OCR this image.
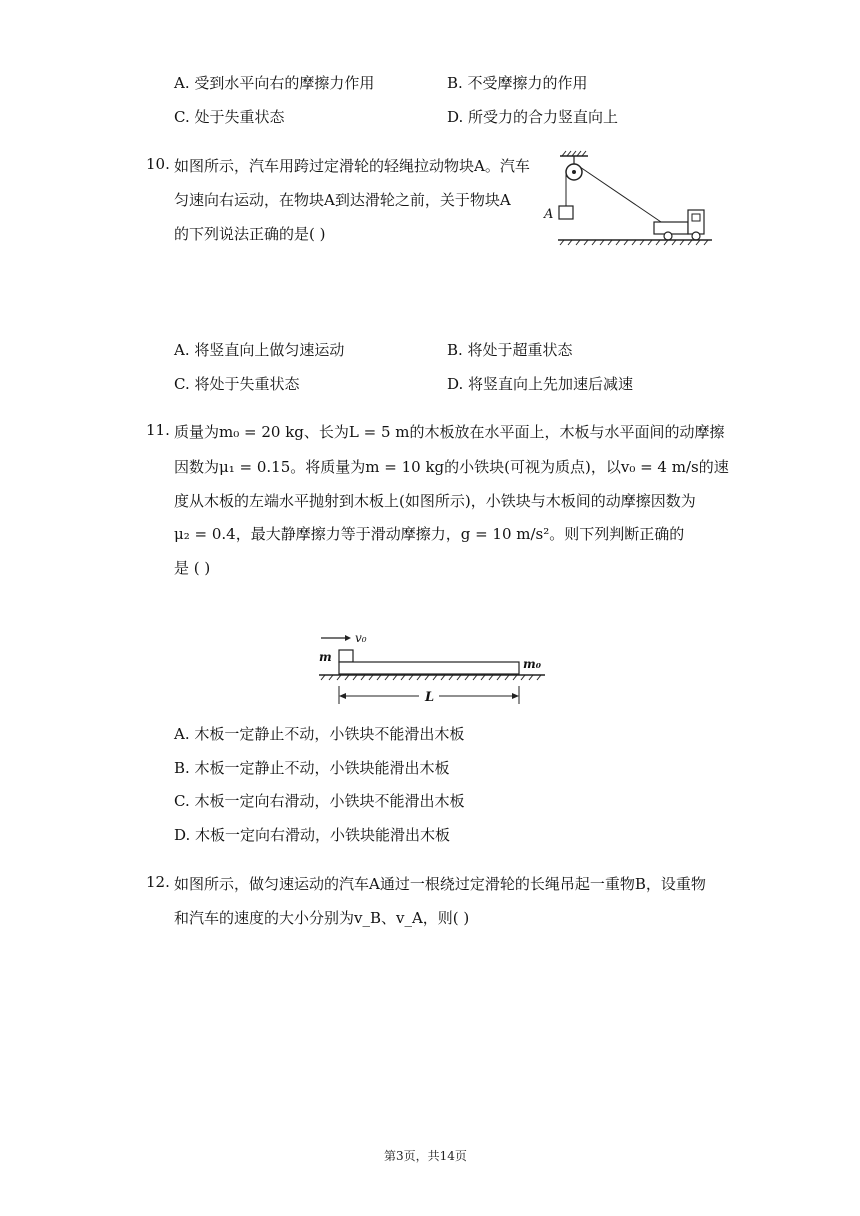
A. 受到水平向右的摩擦力作用	B. 不受摩擦力的作用
C. 处于失重状态	D. 所受力的合力竖直向上
10. 如图所示，汽车用跨过定滑轮的轻绳拉动物块A。汽车
匀速向右运动，在物块A到达滑轮之前，关于物块A
的下列说法正确的是( )
A
A. 将竖直向上做匀速运动	B. 将处于超重状态
C. 将处于失重状态	D. 将竖直向上先加速后减速
11. 质量为m₀ = 20 kg、长为L = 5 m的木板放在水平面上，木板与水平面间的动摩擦
因数为μ₁ = 0.15。将质量为m = 10 kg的小铁块(可视为质点)，以v₀ = 4 m/s的速
度从木板的左端水平抛射到木板上(如图所示)，小铁块与木板间的动摩擦因数为
μ₂ = 0.4，最大静摩擦力等于滑动摩擦力，g = 10 m/s²。则下列判断正确的
是 ( )
v₀
m	m₀
L
A. 木板一定静止不动，小铁块不能滑出木板
B. 木板一定静止不动，小铁块能滑出木板
C. 木板一定向右滑动，小铁块不能滑出木板
D. 木板一定向右滑动，小铁块能滑出木板
12. 如图所示，做匀速运动的汽车A通过一根绕过定滑轮的长绳吊起一重物B，设重物
和汽车的速度的大小分别为v_B、v_A，则( )
第3页，共14页
